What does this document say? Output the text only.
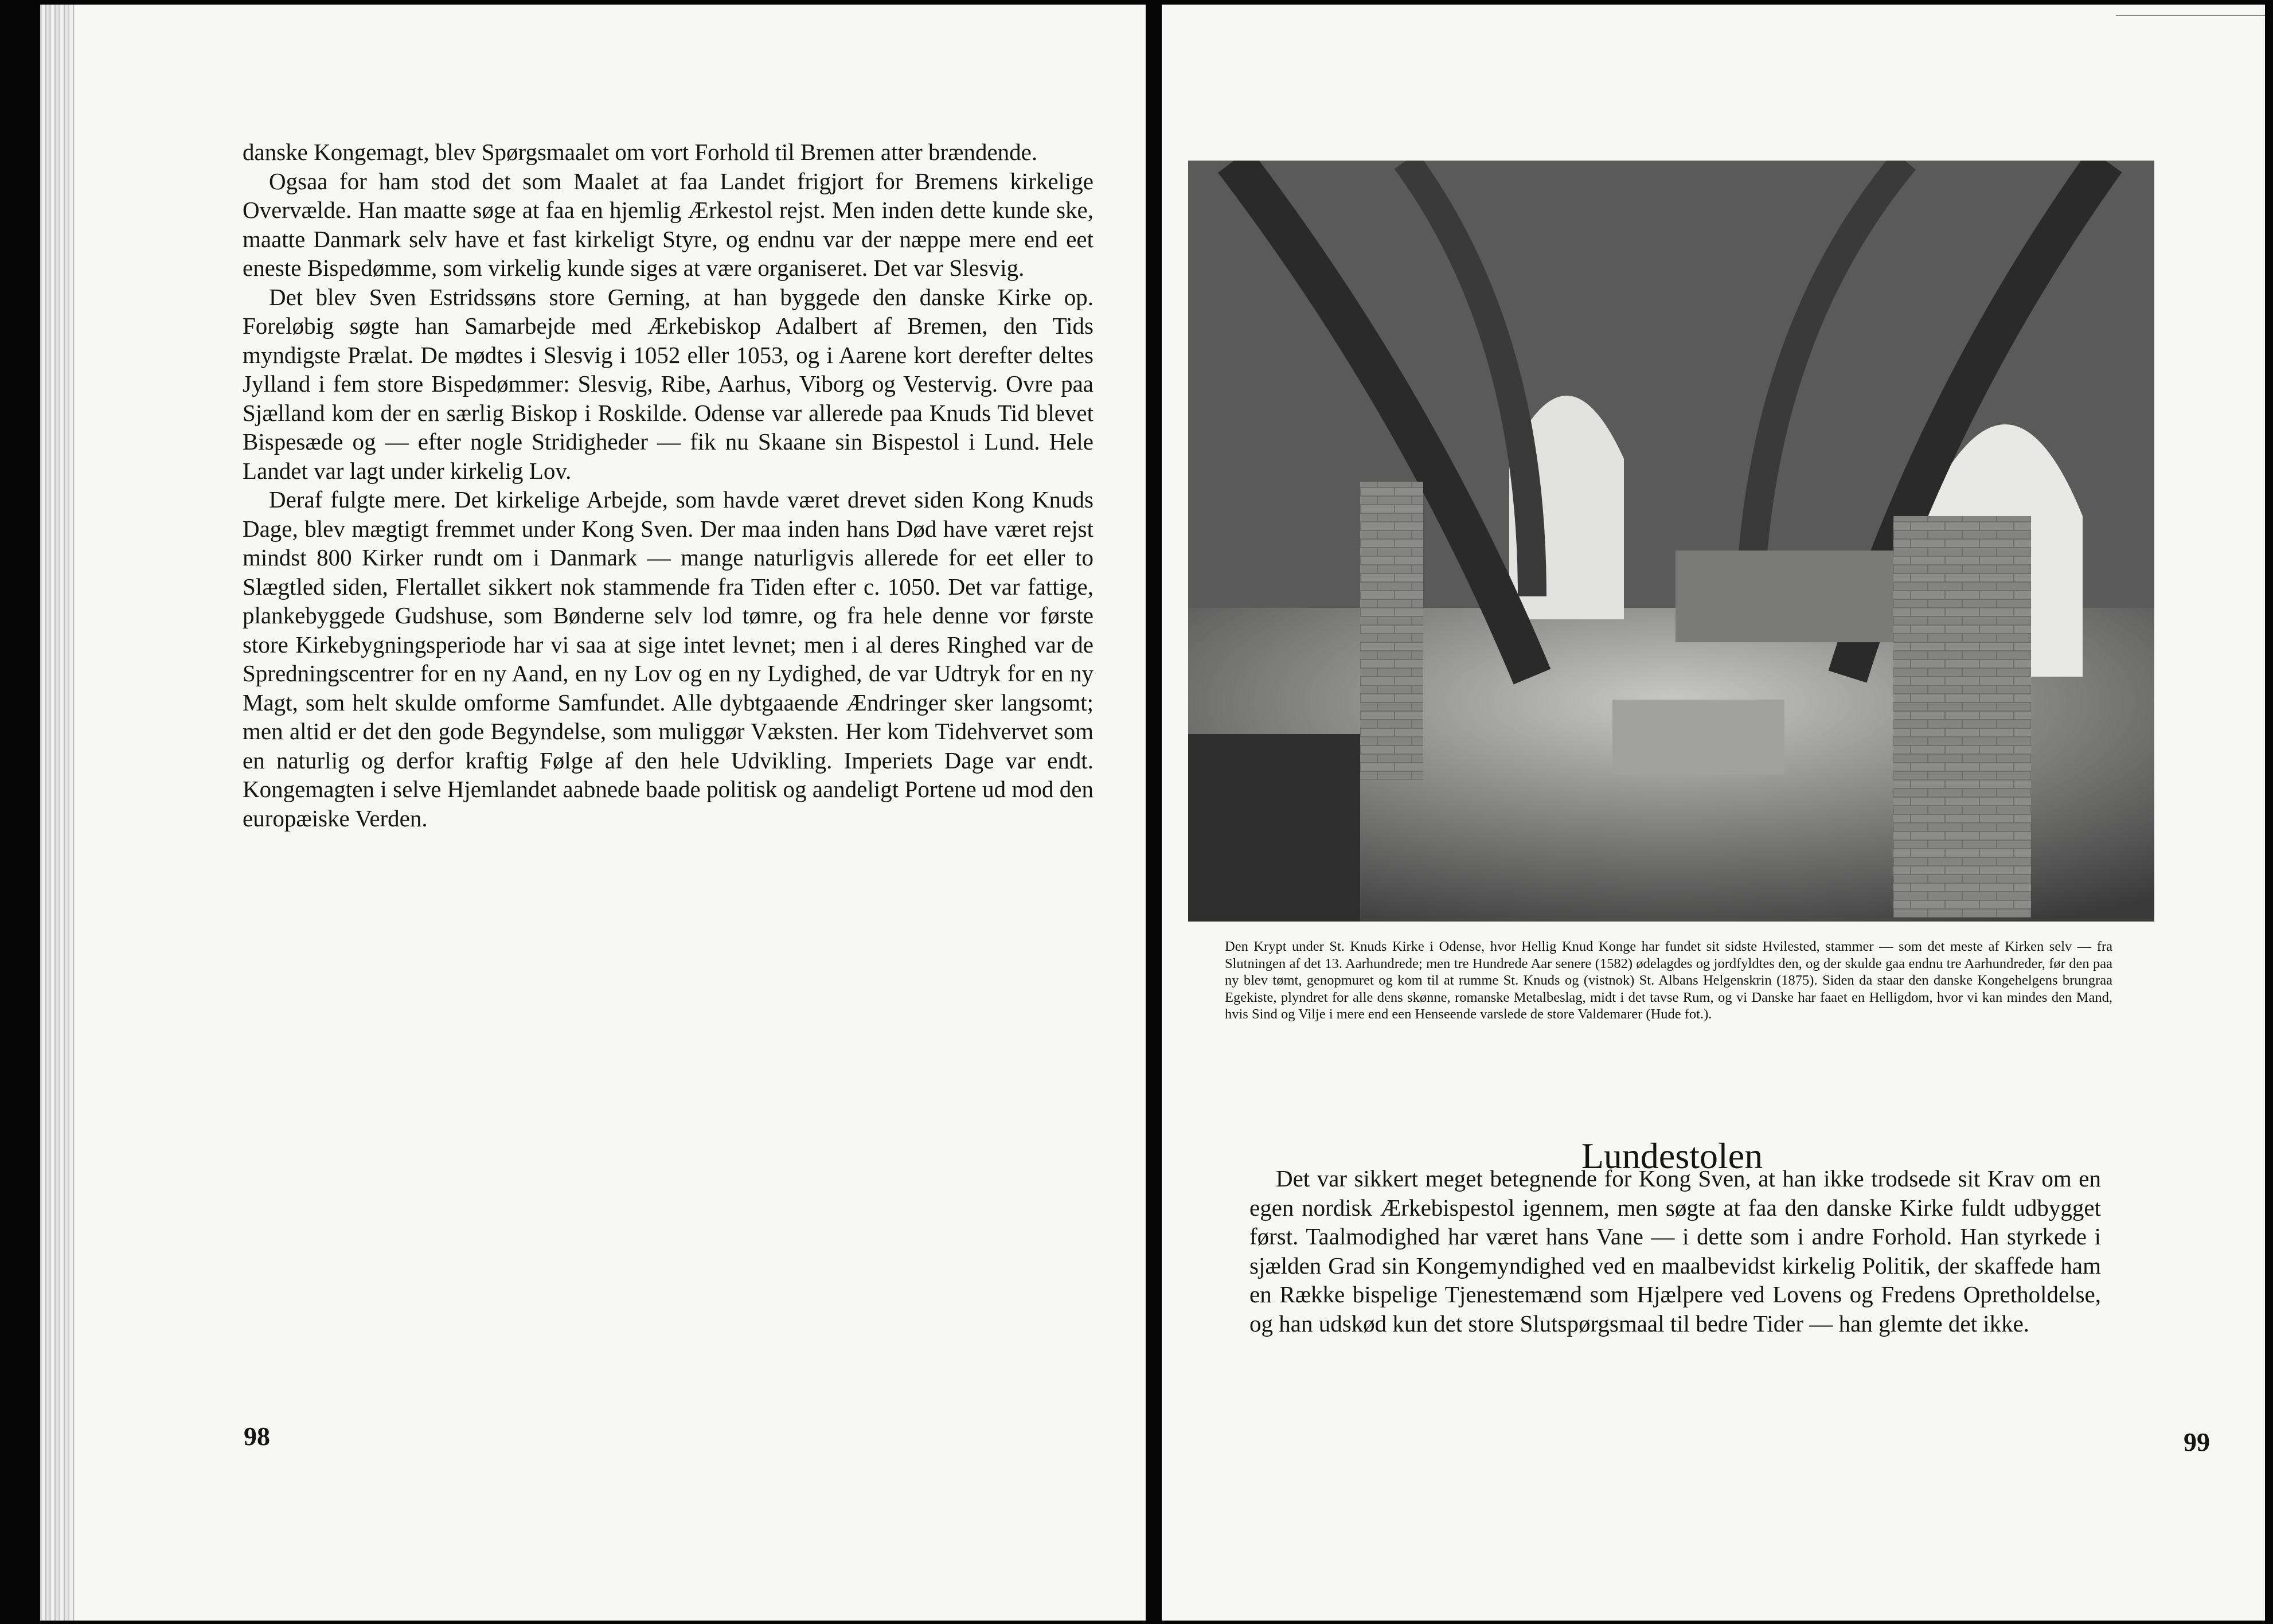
danske Kongemagt, blev Spørgsmaalet om vort Forhold til Bremen atter brændende.

Ogsaa for ham stod det som Maalet at faa Landet frigjort for Bremens kirkelige Overvælde. Han maatte søge at faa en hjemlig Ærkestol rejst. Men inden dette kunde ske, maatte Danmark selv have et fast kirkeligt Styre, og endnu var der næppe mere end eet eneste Bispedømme, som virkelig kunde siges at være organiseret. Det var Slesvig.

Det blev Sven Estridssøns store Gerning, at han byggede den danske Kirke op. Foreløbig søgte han Samarbejde med Ærkebiskop Adalbert af Bremen, den Tids myndigste Prælat. De mødtes i Slesvig i 1052 eller 1053, og i Aarene kort derefter deltes Jylland i fem store Bispedømmer: Slesvig, Ribe, Aarhus, Viborg og Vestervig. Ovre paa Sjælland kom der en særlig Biskop i Roskilde. Odense var allerede paa Knuds Tid blevet Bispesæde og — efter nogle Stridigheder — fik nu Skaane sin Bispestol i Lund. Hele Landet var lagt under kirkelig Lov.

Deraf fulgte mere. Det kirkelige Arbejde, som havde været drevet siden Kong Knuds Dage, blev mægtigt fremmet under Kong Sven. Der maa inden hans Død have været rejst mindst 800 Kirker rundt om i Danmark — mange naturligvis allerede for eet eller to Slægtled siden, Flertallet sikkert nok stammende fra Tiden efter c. 1050. Det var fattige, plankebyggede Gudshuse, som Bønderne selv lod tømre, og fra hele denne vor første store Kirkebygningsperiode har vi saa at sige intet levnet; men i al deres Ringhed var de Spredningscentrer for en ny Aand, en ny Lov og en ny Lydighed, de var Udtryk for en ny Magt, som helt skulde omforme Samfundet. Alle dybtgaaende Ændringer sker langsomt; men altid er det den gode Begyndelse, som muliggør Væksten. Her kom Tidehvervet som en naturlig og derfor kraftig Følge af den hele Udvikling. Imperiets Dage var endt. Kongemagten i selve Hjemlandet aabnede baade politisk og aandeligt Portene ud mod den europæiske Verden.

98
Den Krypt under St. Knuds Kirke i Odense, hvor Hellig Knud Konge har fundet sit sidste Hvilested, stammer — som det meste af Kirken selv — fra Slutningen af det 13. Aarhundrede; men tre Hundrede Aar senere (1582) ødelagdes og jordfyldtes den, og der skulde gaa endnu tre Aarhundreder, før den paa ny blev tømt, genopmuret og kom til at rumme St. Knuds og (vistnok) St. Albans Helgenskrin (1875). Siden da staar den danske Kongehelgens brungraa Egekiste, plyndret for alle dens skønne, romanske Metalbeslag, midt i det tavse Rum, og vi Danske har faaet en Helligdom, hvor vi kan mindes den Mand, hvis Sind og Vilje i mere end een Henseende varslede de store Valdemarer (Hude fot.).
Lundestolen

Det var sikkert meget betegnende for Kong Sven, at han ikke trodsede sit Krav om en egen nordisk Ærkebispestol igennem, men søgte at faa den danske Kirke fuldt udbygget først. Taalmodighed har været hans Vane — i dette som i andre Forhold. Han styrkede i sjælden Grad sin Kongemyndighed ved en maalbevidst kirkelig Politik, der skaffede ham en Række bispelige Tjenestemænd som Hjælpere ved Lovens og Fredens Opretholdelse, og han udskød kun det store Slutspørgsmaal til bedre Tider — han glemte det ikke.

99
